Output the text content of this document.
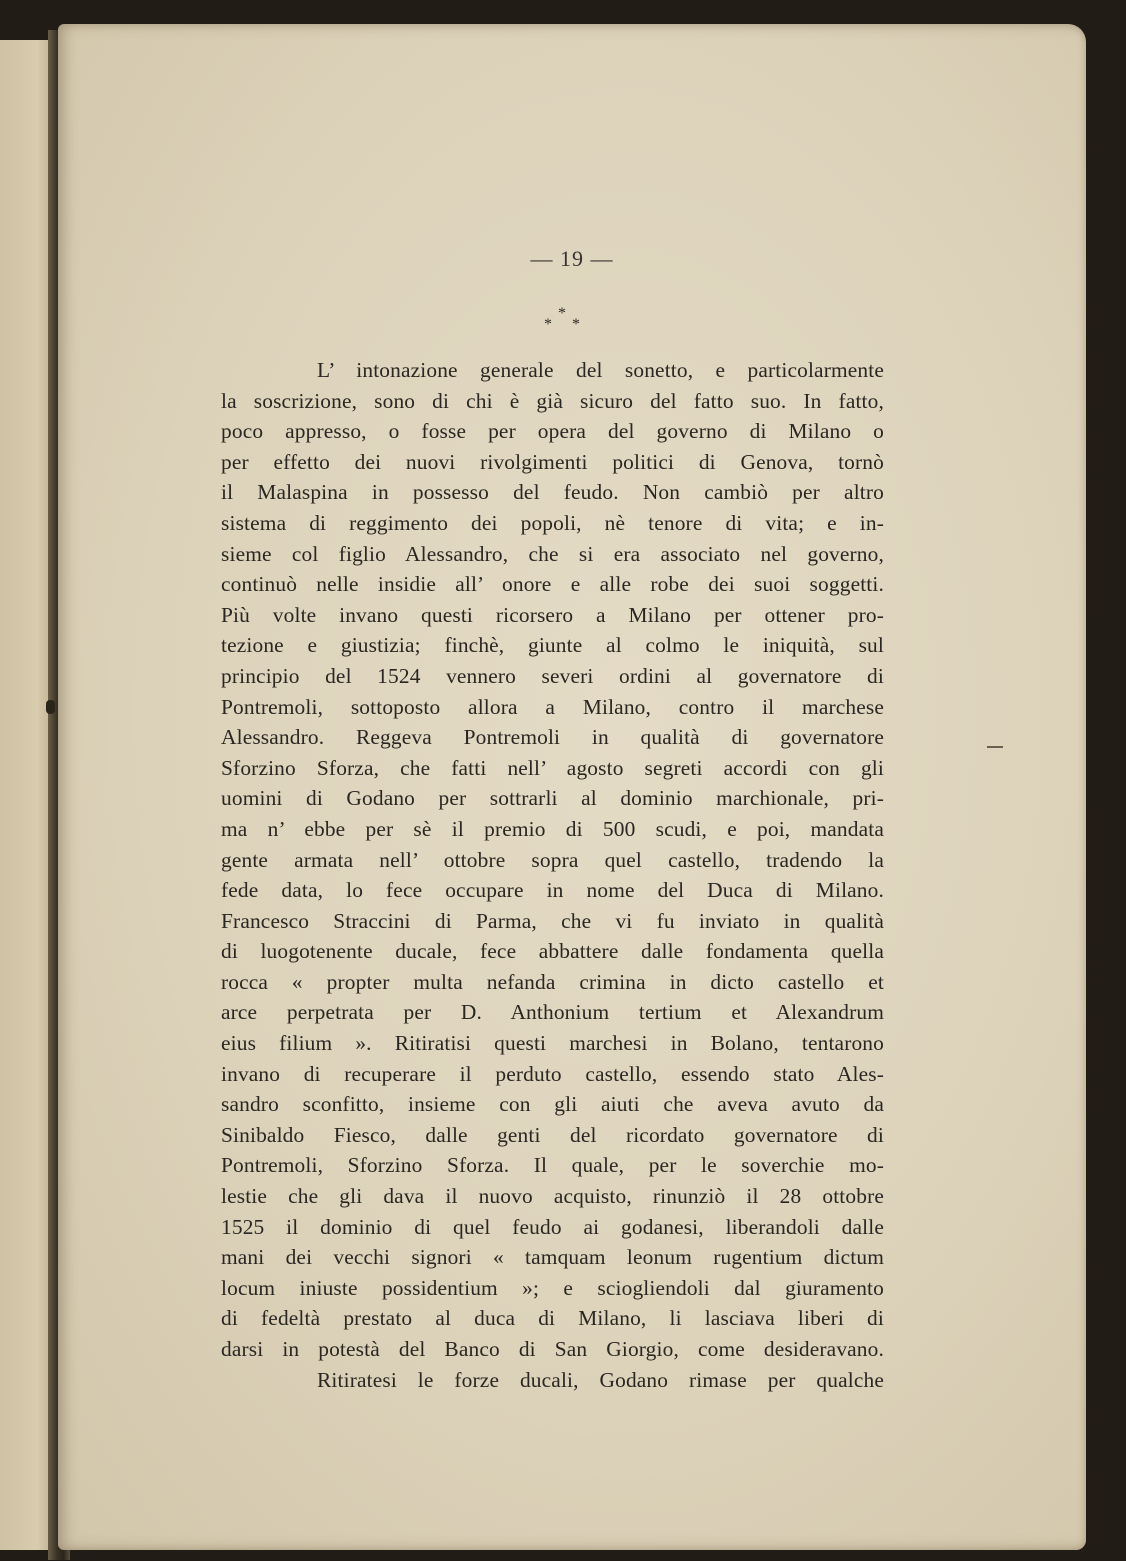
— 19 —
*
* *
L’ intonazione generale del sonetto, e particolarmente
la soscrizione, sono di chi è già sicuro del fatto suo. In fatto,
poco appresso, o fosse per opera del governo di Milano o
per effetto dei nuovi rivolgimenti politici di Genova, tornò
il Malaspina in possesso del feudo. Non cambiò per altro
sistema di reggimento dei popoli, nè tenore di vita; e in-
sieme col figlio Alessandro, che si era associato nel governo,
continuò nelle insidie all’ onore e alle robe dei suoi soggetti.
Più volte invano questi ricorsero a Milano per ottener pro-
tezione e giustizia; finchè, giunte al colmo le iniquità, sul
principio del 1524 vennero severi ordini al governatore di
Pontremoli, sottoposto allora a Milano, contro il marchese
Alessandro. Reggeva Pontremoli in qualità di governatore
Sforzino Sforza, che fatti nell’ agosto segreti accordi con gli
uomini di Godano per sottrarli al dominio marchionale, pri-
ma n’ ebbe per sè il premio di 500 scudi, e poi, mandata
gente armata nell’ ottobre sopra quel castello, tradendo la
fede data, lo fece occupare in nome del Duca di Milano.
Francesco Straccini di Parma, che vi fu inviato in qualità
di luogotenente ducale, fece abbattere dalle fondamenta quella
rocca « propter multa nefanda crimina in dicto castello et
arce perpetrata per D. Anthonium tertium et Alexandrum
eius filium ». Ritiratisi questi marchesi in Bolano, tentarono
invano di recuperare il perduto castello, essendo stato Ales-
sandro sconfitto, insieme con gli aiuti che aveva avuto da
Sinibaldo Fiesco, dalle genti del ricordato governatore di
Pontremoli, Sforzino Sforza. Il quale, per le soverchie mo-
lestie che gli dava il nuovo acquisto, rinunziò il 28 ottobre
1525 il dominio di quel feudo ai godanesi, liberandoli dalle
mani dei vecchi signori « tamquam leonum rugentium dictum
locum iniuste possidentium »; e sciogliendoli dal giuramento
di fedeltà prestato al duca di Milano, li lasciava liberi di
darsi in potestà del Banco di San Giorgio, come desideravano.
Ritiratesi le forze ducali, Godano rimase per qualche
